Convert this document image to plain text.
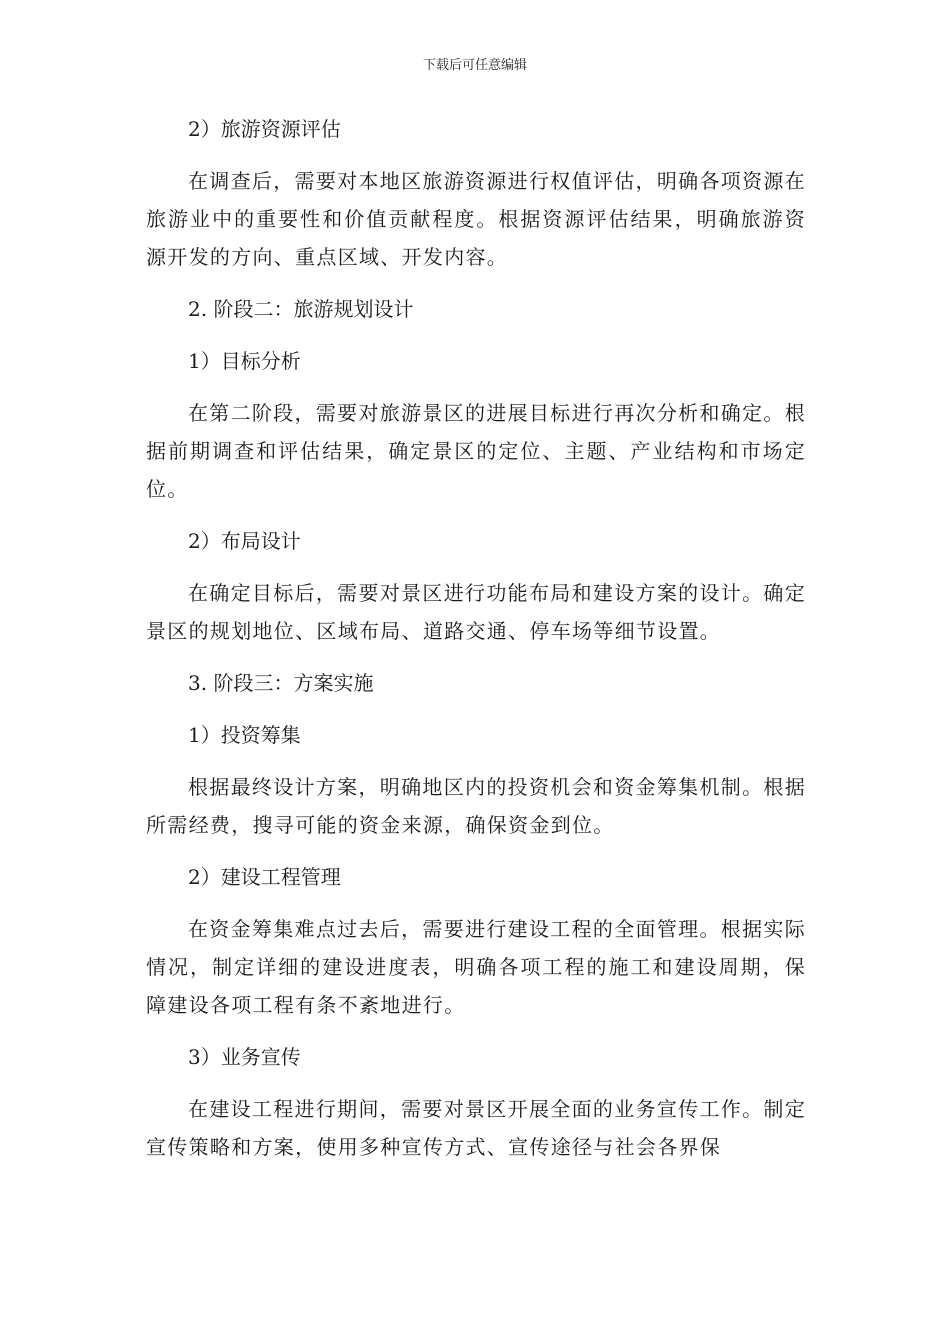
下载后可任意编辑
2）旅游资源评估
在调查后，需要对本地区旅游资源进行权值评估，明确各项资源在旅游业中的重要性和价值贡献程度。根据资源评估结果，明确旅游资源开发的方向、重点区域、开发内容。
2. 阶段二：旅游规划设计
1）目标分析
在第二阶段，需要对旅游景区的进展目标进行再次分析和确定。根据前期调查和评估结果，确定景区的定位、主题、产业结构和市场定位。
2）布局设计
在确定目标后，需要对景区进行功能布局和建设方案的设计。确定景区的规划地位、区域布局、道路交通、停车场等细节设置。
3. 阶段三：方案实施
1）投资筹集
根据最终设计方案，明确地区内的投资机会和资金筹集机制。根据所需经费，搜寻可能的资金来源，确保资金到位。
2）建设工程管理
在资金筹集难点过去后，需要进行建设工程的全面管理。根据实际情况，制定详细的建设进度表，明确各项工程的施工和建设周期，保障建设各项工程有条不紊地进行。
3）业务宣传
在建设工程进行期间，需要对景区开展全面的业务宣传工作。制定宣传策略和方案，使用多种宣传方式、宣传途径与社会各界保
